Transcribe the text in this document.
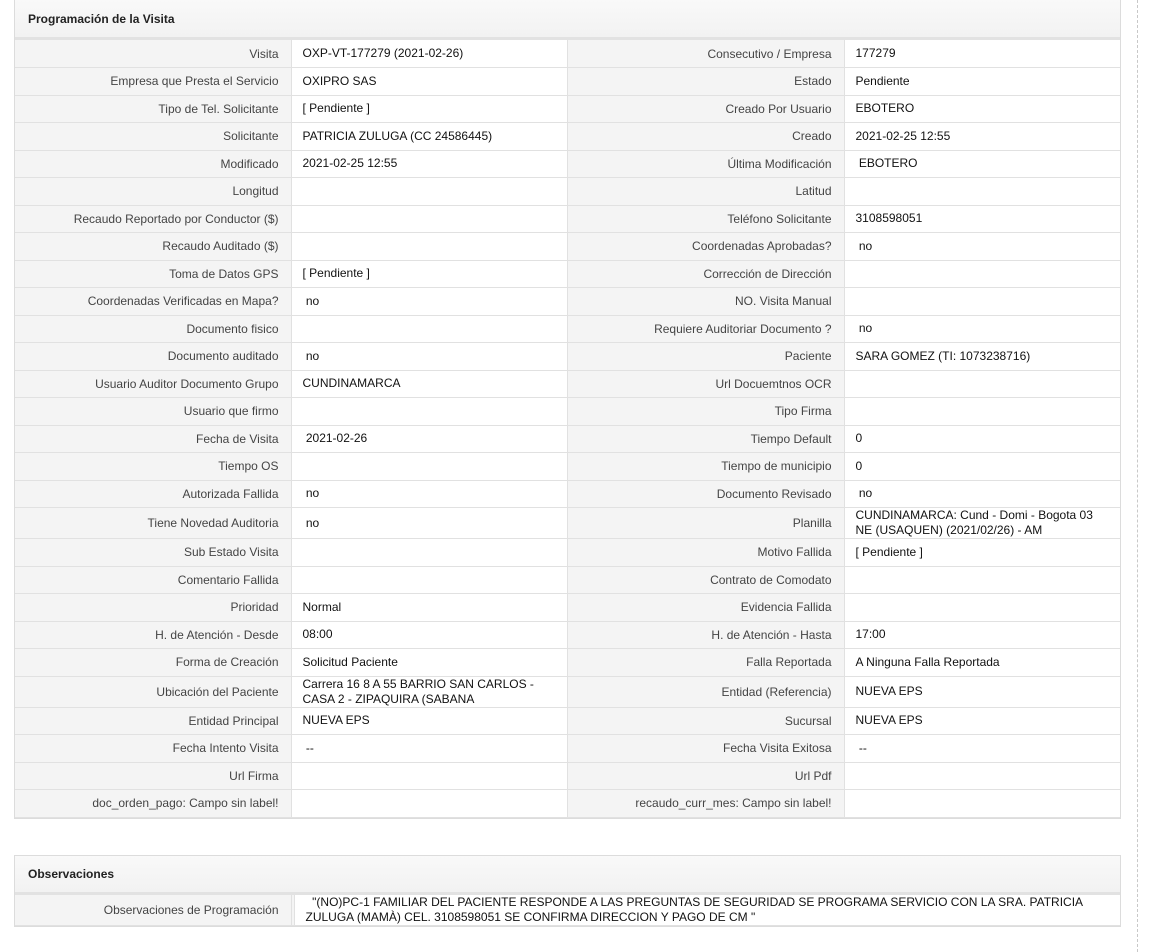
Programación de la Visita
Visita	OXP-VT-177279 (2021-02-26)	Consecutivo / Empresa	177279
Empresa que Presta el Servicio	OXIPRO SAS	Estado	Pendiente
Tipo de Tel. Solicitante	[ Pendiente ]	Creado Por Usuario	EBOTERO
Solicitante	PATRICIA ZULUGA (CC 24586445)	Creado	2021-02-25 12:55
Modificado	2021-02-25 12:55	Última Modificación	EBOTERO
Longitud		Latitud	
Recaudo Reportado por Conductor ($)		Teléfono Solicitante	3108598051
Recaudo Auditado ($)		Coordenadas Aprobadas?	no
Toma de Datos GPS	[ Pendiente ]	Corrección de Dirección	
Coordenadas Verificadas en Mapa?	no	NO. Visita Manual	
Documento fisico		Requiere Auditoriar Documento ?	no
Documento auditado	no	Paciente	SARA GOMEZ (TI: 1073238716)
Usuario Auditor Documento Grupo	CUNDINAMARCA	Url Docuemtnos OCR	
Usuario que firmo		Tipo Firma	
Fecha de Visita	2021-02-26	Tiempo Default	0
Tiempo OS		Tiempo de municipio	0
Autorizada Fallida	no	Documento Revisado	no
Tiene Novedad Auditoria	no	Planilla	CUNDINAMARCA: Cund - Domi - Bogota 03 NE (USAQUEN) (2021/02/26) - AM
Sub Estado Visita		Motivo Fallida	[ Pendiente ]
Comentario Fallida		Contrato de Comodato	
Prioridad	Normal	Evidencia Fallida	
H. de Atención - Desde	08:00	H. de Atención - Hasta	17:00
Forma de Creación	Solicitud Paciente	Falla Reportada	A Ninguna Falla Reportada
Ubicación del Paciente	Carrera 16 8 A 55 BARRIO SAN CARLOS - CASA 2 - ZIPAQUIRA (SABANA	Entidad (Referencia)	NUEVA EPS
Entidad Principal	NUEVA EPS	Sucursal	NUEVA EPS
Fecha Intento Visita	--	Fecha Visita Exitosa	--
Url Firma		Url Pdf	
doc_orden_pago: Campo sin label!		recaudo_curr_mes: Campo sin label!	
Observaciones
Observaciones de Programación		"(NO)PC-1 FAMILIAR DEL PACIENTE RESPONDE A LAS PREGUNTAS DE SEGURIDAD SE PROGRAMA SERVICIO CON LA SRA. PATRICIA ZULUGA (MAMÀ) CEL. 3108598051 SE CONFIRMA DIRECCION Y PAGO DE CM "
